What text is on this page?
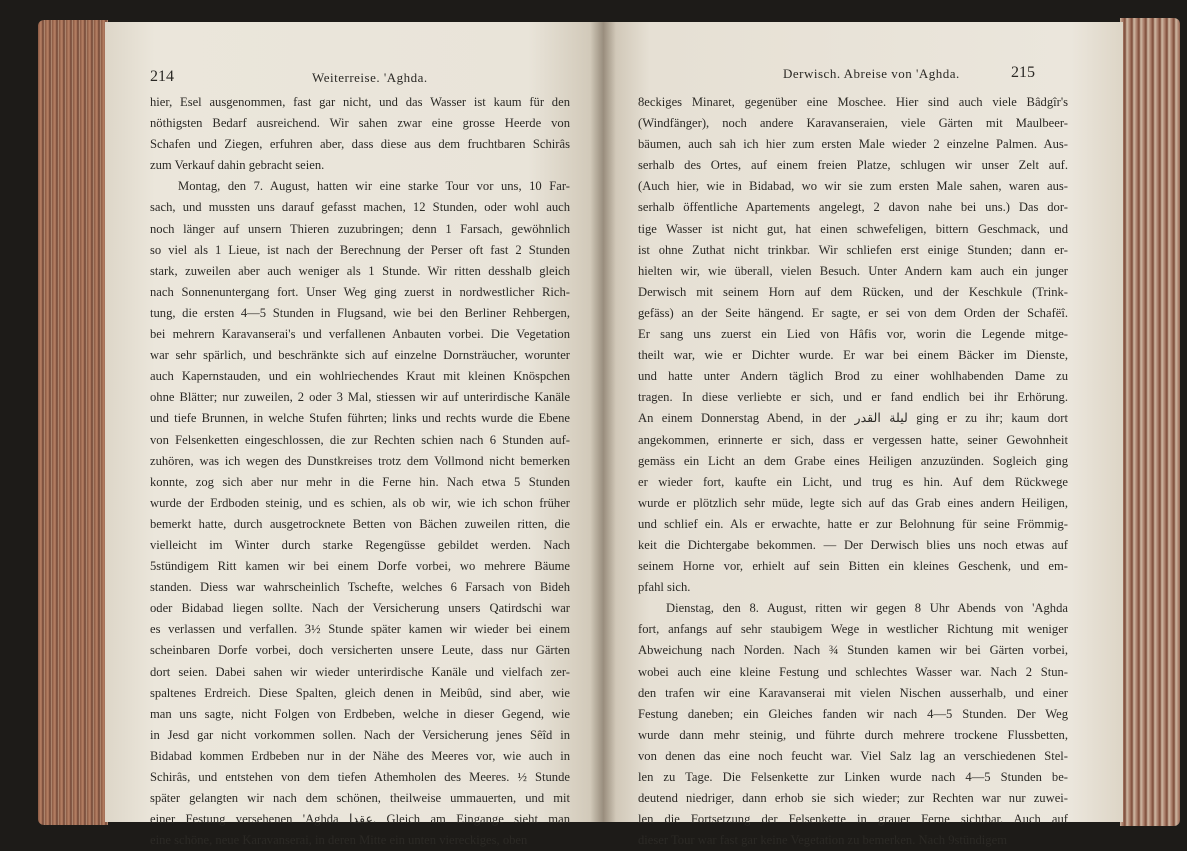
214	Weiterreise. 'Aghda.
hier, Esel ausgenommen, fast gar nicht, und das Wasser ist kaum für den
nöthigsten Bedarf ausreichend. Wir sahen zwar eine grosse Heerde von
Schafen und Ziegen, erfuhren aber, dass diese aus dem fruchtbaren Schirâs
zum Verkauf dahin gebracht seien.
Montag, den 7. August, hatten wir eine starke Tour vor uns, 10 Far-
sach, und mussten uns darauf gefasst machen, 12 Stunden, oder wohl auch
noch länger auf unsern Thieren zuzubringen; denn 1 Farsach, gewöhnlich
so viel als 1 Lieue, ist nach der Berechnung der Perser oft fast 2 Stunden
stark, zuweilen aber auch weniger als 1 Stunde. Wir ritten desshalb gleich
nach Sonnenuntergang fort. Unser Weg ging zuerst in nordwestlicher Rich-
tung, die ersten 4—5 Stunden in Flugsand, wie bei den Berliner Rehbergen,
bei mehrern Karavanserai's und verfallenen Anbauten vorbei. Die Vegetation
war sehr spärlich, und beschränkte sich auf einzelne Dornsträucher, worunter
auch Kapernstauden, und ein wohlriechendes Kraut mit kleinen Knöspchen
ohne Blätter; nur zuweilen, 2 oder 3 Mal, stiessen wir auf unterirdische Kanäle
und tiefe Brunnen, in welche Stufen führten; links und rechts wurde die Ebene
von Felsenketten eingeschlossen, die zur Rechten schien nach 6 Stunden auf-
zuhören, was ich wegen des Dunstkreises trotz dem Vollmond nicht bemerken
konnte, zog sich aber nur mehr in die Ferne hin. Nach etwa 5 Stunden
wurde der Erdboden steinig, und es schien, als ob wir, wie ich schon früher
bemerkt hatte, durch ausgetrocknete Betten von Bächen zuweilen ritten, die
vielleicht im Winter durch starke Regengüsse gebildet werden. Nach
5stündigem Ritt kamen wir bei einem Dorfe vorbei, wo mehrere Bäume
standen. Diess war wahrscheinlich Tschefte, welches 6 Farsach von Bideh
oder Bidabad liegen sollte. Nach der Versicherung unsers Qatirdschi war
es verlassen und verfallen. 3½ Stunde später kamen wir wieder bei einem
scheinbaren Dorfe vorbei, doch versicherten unsere Leute, dass nur Gärten
dort seien. Dabei sahen wir wieder unterirdische Kanäle und vielfach zer-
spaltenes Erdreich. Diese Spalten, gleich denen in Meibûd, sind aber, wie
man uns sagte, nicht Folgen von Erdbeben, welche in dieser Gegend, wie
in Jesd gar nicht vorkommen sollen. Nach der Versicherung jenes Sêîd in
Bidabad kommen Erdbeben nur in der Nähe des Meeres vor, wie auch in
Schirâs, und entstehen von dem tiefen Athemholen des Meeres. ½ Stunde
später gelangten wir nach dem schönen, theilweise ummauerten, und mit
einer Festung versehenen 'Aghda عقدا. Gleich am Eingange sieht man
eine schöne, neue Karavanserai, in deren Mitte ein unten viereckiges, oben
Derwisch. Abreise von 'Aghda.	215
8eckiges Minaret, gegenüber eine Moschee. Hier sind auch viele Bâdgîr's
(Windfänger), noch andere Karavanseraien, viele Gärten mit Maulbeer-
bäumen, auch sah ich hier zum ersten Male wieder 2 einzelne Palmen. Aus-
serhalb des Ortes, auf einem freien Platze, schlugen wir unser Zelt auf.
(Auch hier, wie in Bidabad, wo wir sie zum ersten Male sahen, waren aus-
serhalb öffentliche Apartements angelegt, 2 davon nahe bei uns.) Das dor-
tige Wasser ist nicht gut, hat einen schwefeligen, bittern Geschmack, und
ist ohne Zuthat nicht trinkbar. Wir schliefen erst einige Stunden; dann er-
hielten wir, wie überall, vielen Besuch. Unter Andern kam auch ein junger
Derwisch mit seinem Horn auf dem Rücken, und der Keschkule (Trink-
gefäss) an der Seite hängend. Er sagte, er sei von dem Orden der Schafëî.
Er sang uns zuerst ein Lied von Hâfis vor, worin die Legende mitge-
theilt war, wie er Dichter wurde. Er war bei einem Bäcker im Dienste,
und hatte unter Andern täglich Brod zu einer wohlhabenden Dame zu
tragen. In diese verliebte er sich, und er fand endlich bei ihr Erhörung.
An einem Donnerstag Abend, in der ليلة القدر ging er zu ihr; kaum dort
angekommen, erinnerte er sich, dass er vergessen hatte, seiner Gewohnheit
gemäss ein Licht an dem Grabe eines Heiligen anzuzünden. Sogleich ging
er wieder fort, kaufte ein Licht, und trug es hin. Auf dem Rückwege
wurde er plötzlich sehr müde, legte sich auf das Grab eines andern Heiligen,
und schlief ein. Als er erwachte, hatte er zur Belohnung für seine Frömmig-
keit die Dichtergabe bekommen. — Der Derwisch blies uns noch etwas auf
seinem Horne vor, erhielt auf sein Bitten ein kleines Geschenk, und em-
pfahl sich.
Dienstag, den 8. August, ritten wir gegen 8 Uhr Abends von 'Aghda
fort, anfangs auf sehr staubigem Wege in westlicher Richtung mit weniger
Abweichung nach Norden. Nach ¾ Stunden kamen wir bei Gärten vorbei,
wobei auch eine kleine Festung und schlechtes Wasser war. Nach 2 Stun-
den trafen wir eine Karavanserai mit vielen Nischen ausserhalb, und einer
Festung daneben; ein Gleiches fanden wir nach 4—5 Stunden. Der Weg
wurde dann mehr steinig, und führte durch mehrere trockene Flussbetten,
von denen das eine noch feucht war. Viel Salz lag an verschiedenen Stel-
len zu Tage. Die Felsenkette zur Linken wurde nach 4—5 Stunden be-
deutend niedriger, dann erhob sie sich wieder; zur Rechten war nur zuwei-
len die Fortsetzung der Felsenkette in grauer Ferne sichtbar. Auch auf
dieser Tour war fast gar keine Vegetation zu bemerken. Nach 9stündigem
